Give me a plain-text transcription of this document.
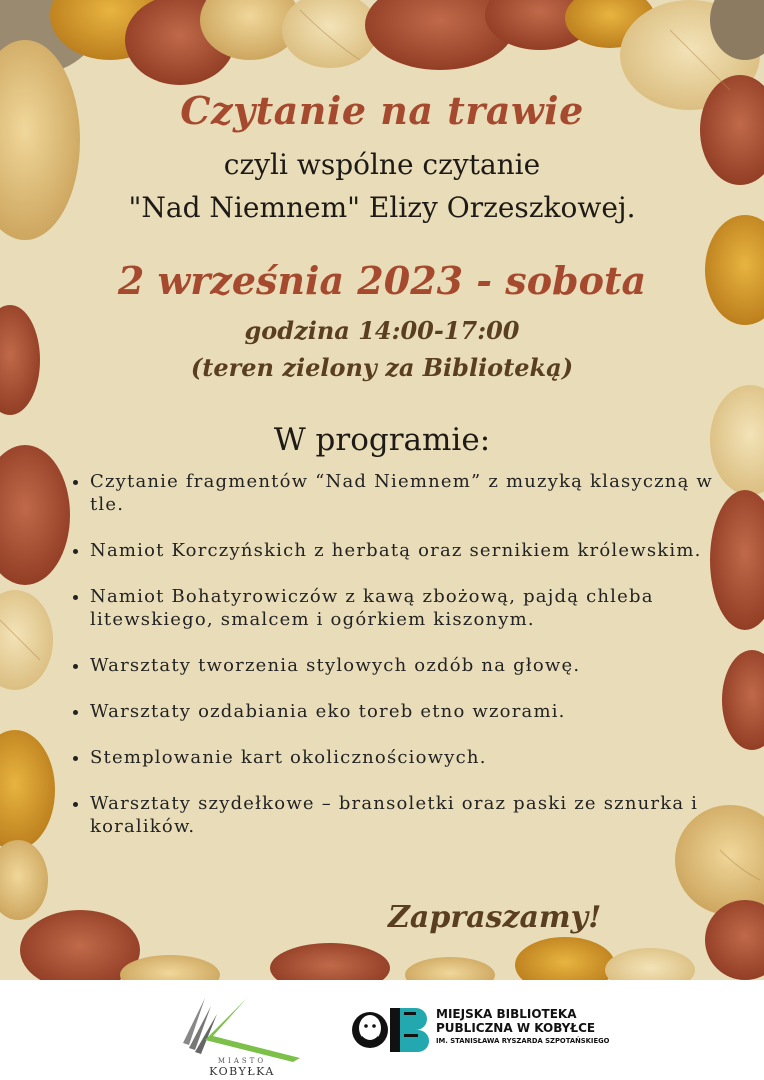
Czytanie na trawie
czyli wspólne czytanie
"Nad Niemnem" Elizy Orzeszkowej.
2 września 2023 - sobota
godzina 14:00-17:00
(teren zielony za Biblioteką)
W programie:
• Czytanie fragmentów “Nad Niemnem” z muzyką klasyczną w tle.
• Namiot Korczyńskich z herbatą oraz sernikiem królewskim.
• Namiot Bohatyrowiczów z kawą zbożową, pajdą chleba litewskiego, smalcem i ogórkiem kiszonym.
• Warsztaty tworzenia stylowych ozdób na głowę.
• Warsztaty ozdabiania eko toreb etno wzorami.
• Stemplowanie kart okolicznościowych.
• Warsztaty szydełkowe – bransoletki oraz paski ze sznurka i koralików.
Zapraszamy!
MIASTO
KOBYŁKA
MIEJSKA BIBLIOTEKA
PUBLICZNA W KOBYŁCE
IM. STANISŁAWA RYSZARDA SZPOTAŃSKIEGO
